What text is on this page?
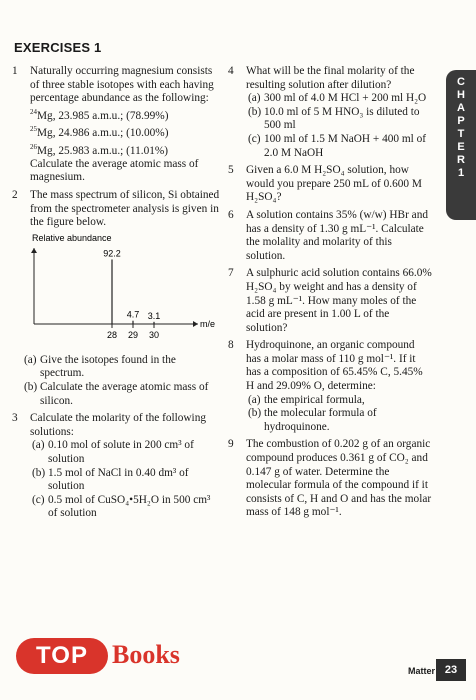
EXERCISES 1
C
H
A
P
T
E
R
1
1 Naturally occurring magnesium consists of three stable isotopes with each having percentage abundance as the following:
$^{24}$Mg, 23.985 a.m.u.; (78.99%)
$^{25}$Mg, 24.986 a.m.u.; (10.00%)
$^{26}$Mg, 25.983 a.m.u.; (11.01%)
Calculate the average atomic mass of magnesium.
2 The mass spectrum of silicon, Si obtained from the spectrometer analysis is given in the figure below.
Relative abundance
m/e
92.2
28
4.7
29
3.1
30
(a) Give the isotopes found in the spectrum.
(b) Calculate the average atomic mass of silicon.
3 Calculate the molarity of the following solutions:
(a) 0.10 mol of solute in 200 cm³ of solution
(b) 1.5 mol of NaCl in 0.40 dm³ of solution
(c) 0.5 mol of CuSO₄•5H₂O in 500 cm³ of solution
4 What will be the final molarity of the resulting solution after dilution?
(a) 300 ml of 4.0 M HCl + 200 ml H₂O
(b) 10.0 ml of 5 M HNO₃ is diluted to 500 ml
(c) 100 ml of 1.5 M NaOH + 400 ml of 2.0 M NaOH
5 Given a 6.0 M H₂SO₄ solution, how would you prepare 250 mL of 0.600 M H₂SO₄?
6 A solution contains 35% (w/w) HBr and has a density of 1.30 g mL⁻¹. Calculate the molality and molarity of this solution.
7 A sulphuric acid solution contains 66.0% H₂SO₄ by weight and has a density of 1.58 g mL⁻¹. How many moles of the acid are present in 1.00 L of the solution?
8 Hydroquinone, an organic compound has a molar mass of 110 g mol⁻¹. If it has a composition of 65.45% C, 5.45% H and 29.09% O, determine:
(a) the empirical formula,
(b) the molecular formula of hydroquinone.
9 The combustion of 0.202 g of an organic compound produces 0.361 g of CO₂ and 0.147 g of water. Determine the molecular formula of the compound if it consists of C, H and O and has the molar mass of 148 g mol⁻¹.
TOP Books
Matter 23
